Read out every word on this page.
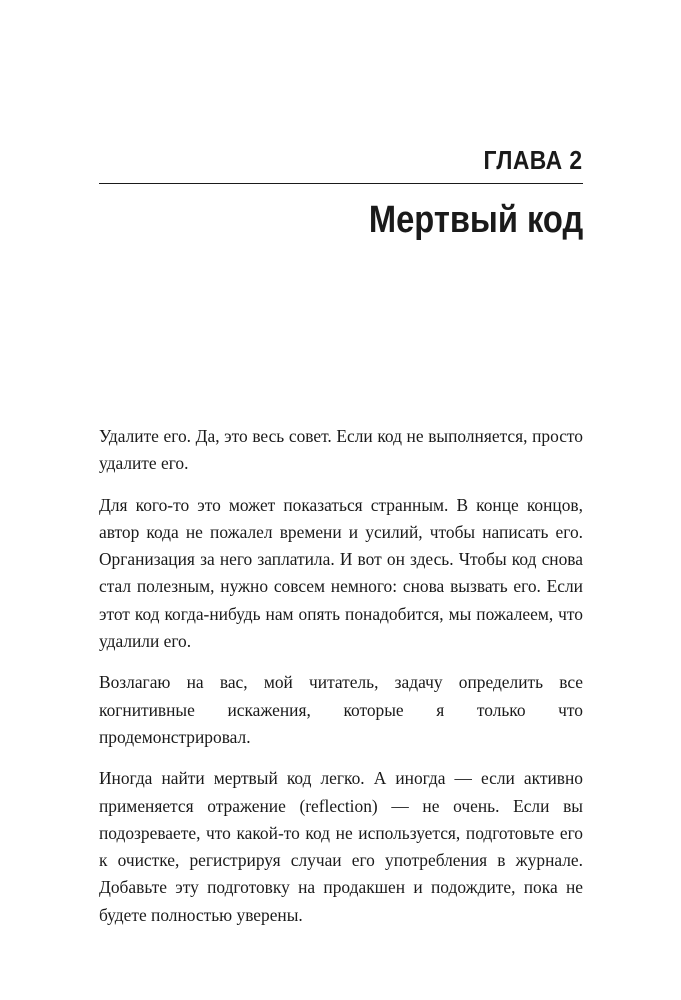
ГЛАВА 2
Мертвый код

Удалите его. Да, это весь совет. Если код не выполняется, просто удалите его.

Для кого-то это может показаться странным. В конце концов, автор кода не пожалел времени и усилий, чтобы написать его. Организация за него заплатила. И вот он здесь. Чтобы код снова стал полезным, нужно совсем немного: снова вызвать его. Если этот код когда-нибудь нам опять понадобится, мы пожалеем, что удалили его.

Возлагаю на вас, мой читатель, задачу определить все когнитивные искажения, которые я только что продемонстрировал.

Иногда найти мертвый код легко. А иногда — если активно применяется отражение (reflection) — не очень. Если вы подозреваете, что какой-то код не используется, подготовьте его к очистке, регистрируя случаи его употребления в журнале. Добавьте эту подготовку на продакшен и подождите, пока не будете полностью уверены.
